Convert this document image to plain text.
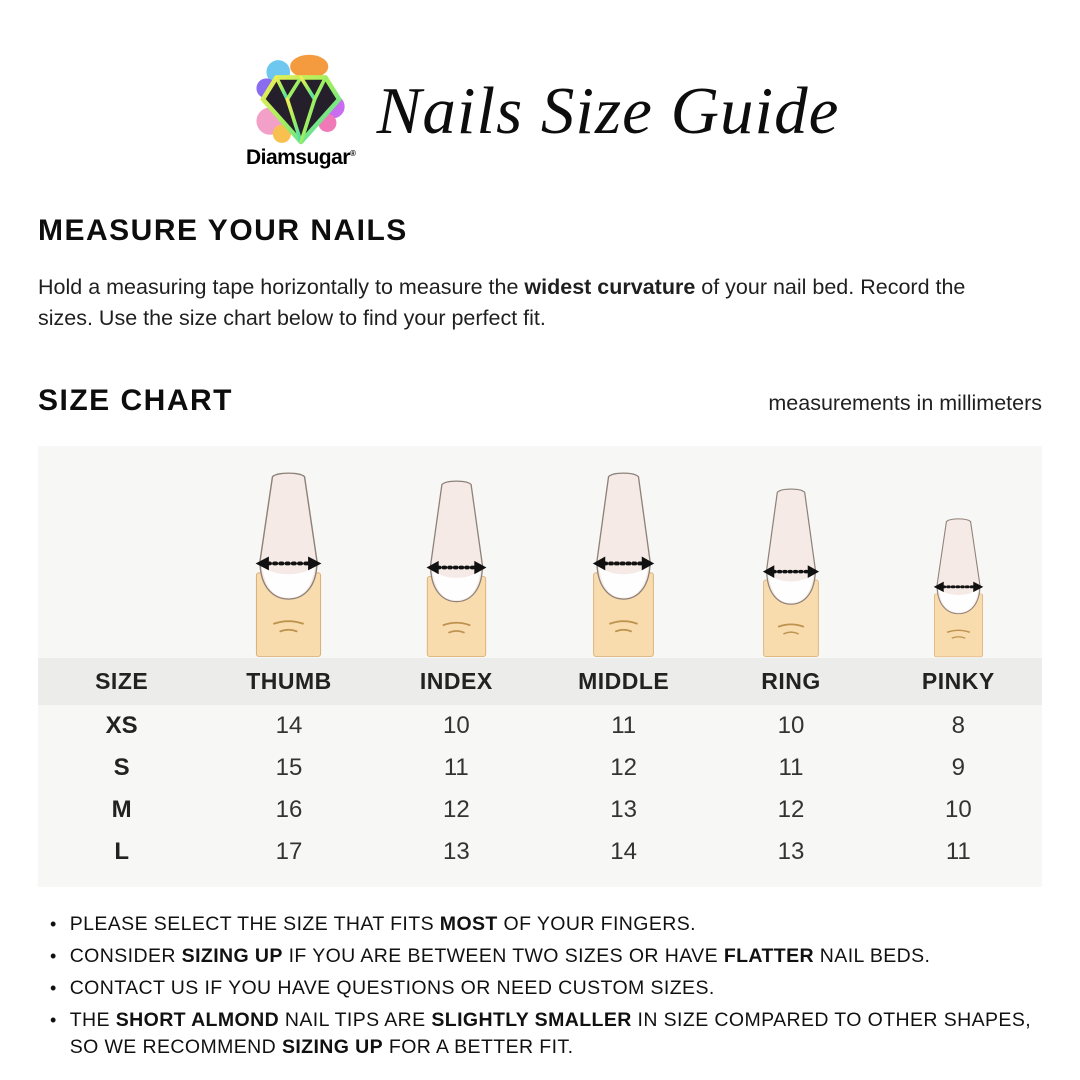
Diamsugar®
Nails Size Guide
MEASURE YOUR NAILS
Hold a measuring tape horizontally to measure the widest curvature of your nail bed. Record the sizes. Use the size chart below to find your perfect fit.
SIZE CHART	measurements in millimeters
SIZE	THUMB	INDEX	MIDDLE	RING	PINKY
XS	14	10	11	10	8
S	15	11	12	11	9
M	16	12	13	12	10
L	17	13	14	13	11
• PLEASE SELECT THE SIZE THAT FITS MOST OF YOUR FINGERS.
• CONSIDER SIZING UP IF YOU ARE BETWEEN TWO SIZES OR HAVE FLATTER NAIL BEDS.
• CONTACT US IF YOU HAVE QUESTIONS OR NEED CUSTOM SIZES.
• THE SHORT ALMOND NAIL TIPS ARE SLIGHTLY SMALLER IN SIZE COMPARED TO OTHER SHAPES, SO WE RECOMMEND SIZING UP FOR A BETTER FIT.
